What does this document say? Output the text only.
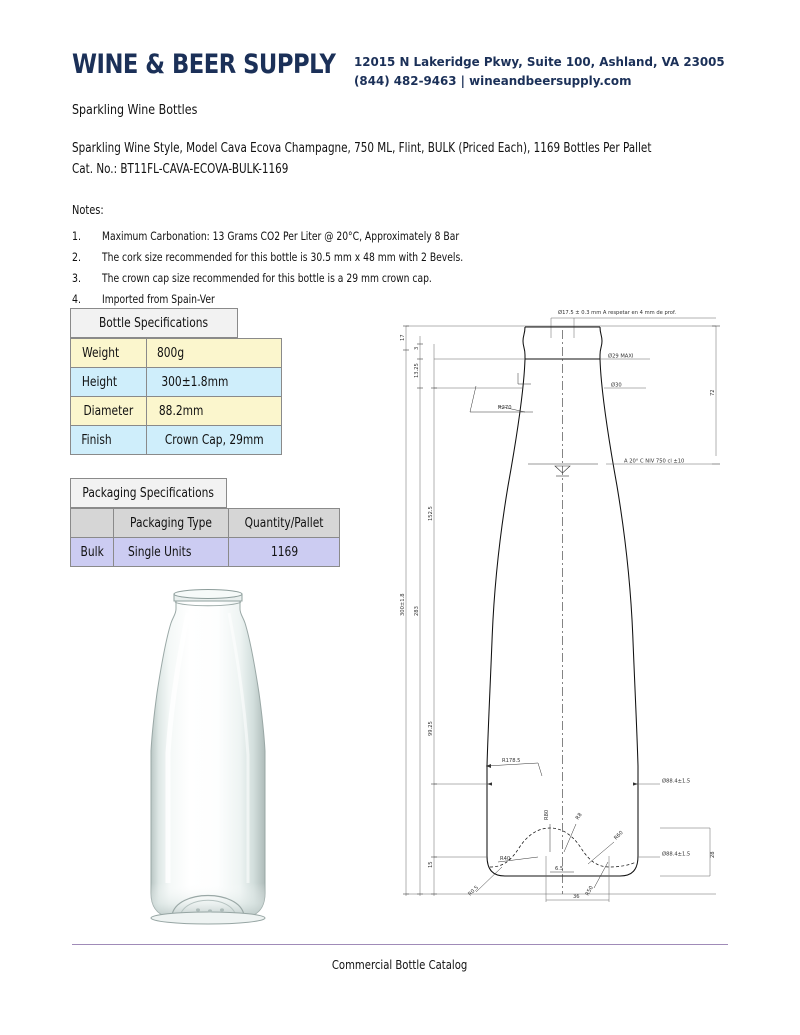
WINE & BEER SUPPLY	12015 N Lakeridge Pkwy, Suite 100, Ashland, VA 23005
(844) 482-9463 | wineandbeersupply.com
Sparkling Wine Bottles
Sparkling Wine Style, Model Cava Ecova Champagne, 750 ML, Flint, BULK (Priced Each), 1169 Bottles Per Pallet
Cat. No.: BT11FL-CAVA-ECOVA-BULK-1169
Notes:
1.	Maximum Carbonation: 13 Grams CO2 Per Liter @ 20°C, Approximately 8 Bar
2.	The cork size recommended for this bottle is 30.5 mm x 48 mm with 2 Bevels.
3.	The crown cap size recommended for this bottle is a 29 mm crown cap.
4.	Imported from Spain-Ver
Bottle Specifications
Weight	800g
Height	300±1.8mm
Diameter	88.2mm
Finish	Crown Cap, 29mm
Packaging Specifications
	Packaging Type	Quantity/Pallet
Bulk	Single Units	1169
Ø17.5 ± 0.3 mm A respetar en 4 mm de prof.
A 20° C NIV 750 cl ±10
Ø29 MAXI
Ø30
R270
R178.5
Ø88.4±1.5
Ø88.4±1.5	28
R40
R0.5
R80	R8
R60
R50
6.5
36
300±1.8 283
152.5
99.25
15
17
3
13.25
72
Commercial Bottle Catalog
